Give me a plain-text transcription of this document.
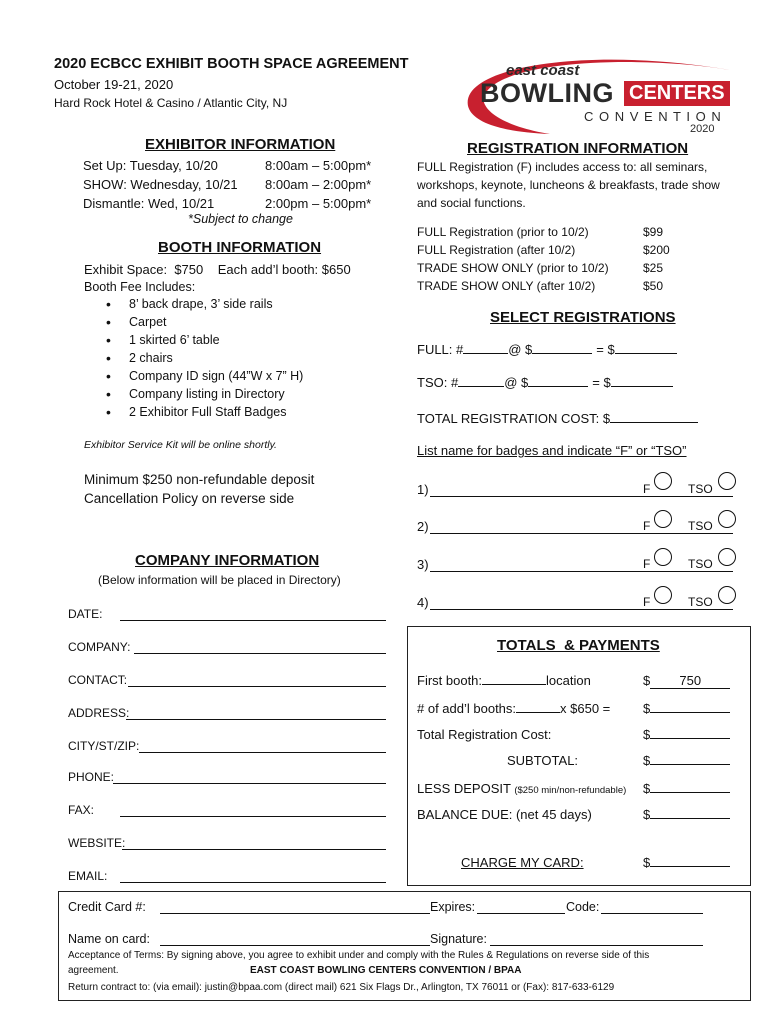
2020 ECBCC EXHIBIT BOOTH SPACE AGREEMENT
October 19-21, 2020
Hard Rock Hotel & Casino / Atlantic City, NJ
east coast
BOWLING CENTERS
C O N V E N T I O N
2020
EXHIBITOR INFORMATION
Set Up: Tuesday, 10/20	8:00am – 5:00pm*
SHOW: Wednesday, 10/21	8:00am – 2:00pm*
Dismantle: Wed, 10/21	2:00pm – 5:00pm*
*Subject to change
BOOTH INFORMATION
Exhibit Space:  $750    Each add’l booth: $650
Booth Fee Includes:
• 8’ back drape, 3’ side rails
• Carpet
• 1 skirted 6’ table
• 2 chairs
• Company ID sign (44”W x 7” H)
• Company listing in Directory
• 2 Exhibitor Full Staff Badges
Exhibitor Service Kit will be online shortly.
Minimum $250 non-refundable deposit
Cancellation Policy on reverse side
COMPANY INFORMATION
(Below information will be placed in Directory)
DATE:
COMPANY:
CONTACT:
ADDRESS:
CITY/ST/ZIP:
PHONE:
FAX:
WEBSITE:
EMAIL:
REGISTRATION INFORMATION
FULL Registration (F) includes access to: all seminars,
workshops, keynote, luncheons & breakfasts, trade show
and social functions.
FULL Registration (prior to 10/2)	$99
FULL Registration (after 10/2)	$200
TRADE SHOW ONLY (prior to 10/2)	$25
TRADE SHOW ONLY (after 10/2)	$50
SELECT REGISTRATIONS
FULL: #	@ $	= $
TSO: #	@ $	= $
TOTAL REGISTRATION COST: $
List name for badges and indicate “F” or “TSO”
1)	F	TSO
2)	F	TSO
3)	F	TSO
4)	F	TSO
TOTALS  & PAYMENTS
First booth:	location	$ 750
# of add’l booths:	x $650 =	$
Total Registration Cost:	$
SUBTOTAL:	$
LESS DEPOSIT ($250 min/non-refundable) $
BALANCE DUE: (net 45 days)	$
CHARGE MY CARD:	$
Credit Card #:	Expires:	Code:
Name on card:	Signature:
Acceptance of Terms: By signing above, you agree to exhibit under and comply with the Rules & Regulations on reverse side of this
agreement.	EAST COAST BOWLING CENTERS CONVENTION / BPAA
Return contract to: (via email): justin@bpaa.com (direct mail) 621 Six Flags Dr., Arlington, TX 76011 or (Fax): 817-633-6129
